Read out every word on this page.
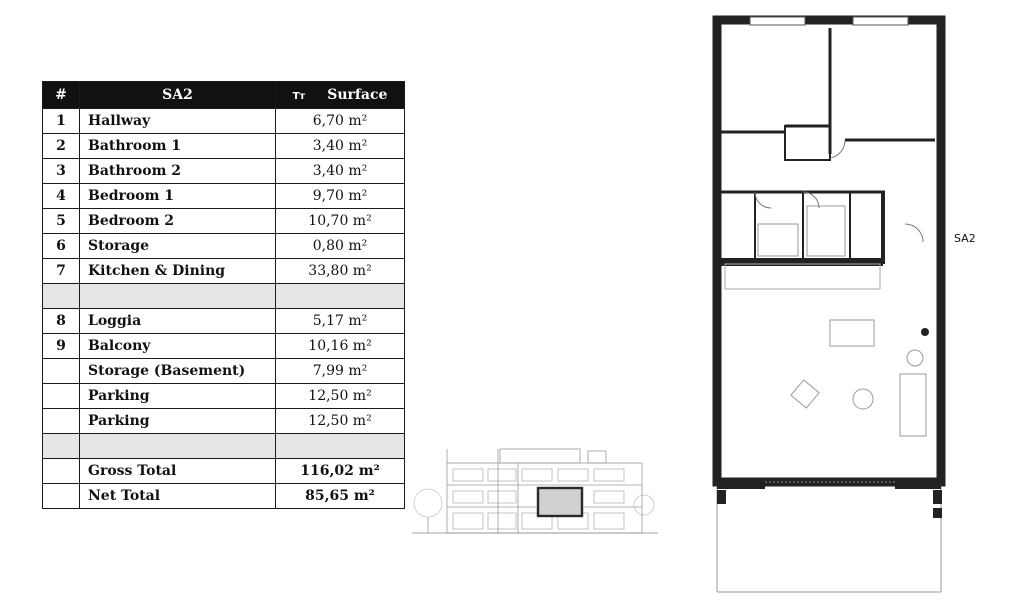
#	SA2	Tт Surface
1	Hallway	6,70 m²
2	Bathroom 1	3,40 m²
3	Bathroom 2	3,40 m²
4	Bedroom 1	9,70 m²
5	Bedroom 2	10,70 m²
6	Storage	0,80 m²
7	Kitchen & Dining	33,80 m²

8	Loggia	5,17 m²
9	Balcony	10,16 m²
	Storage (Basement)	7,99 m²
	Parking	12,50 m²
	Parking	12,50 m²

	Gross Total	116,02 m²
	Net Total	85,65 m²
SA2
